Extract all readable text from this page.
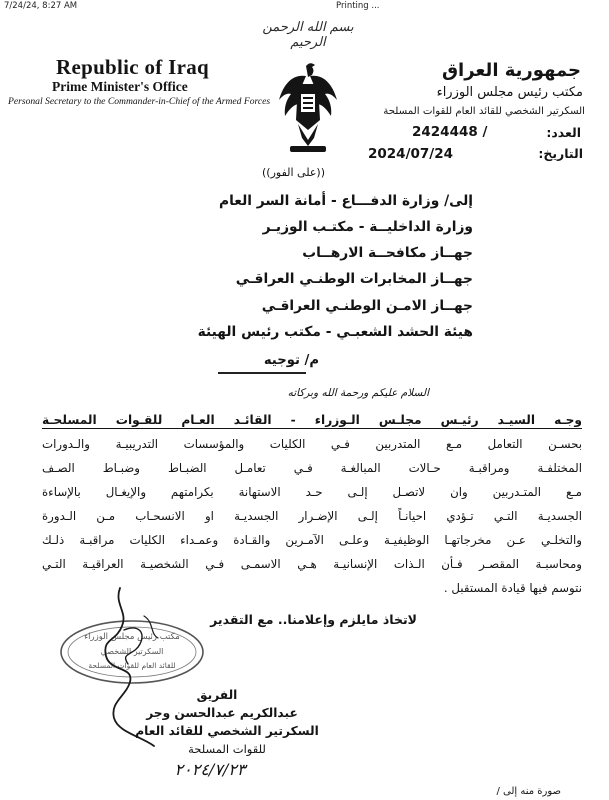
7/24/24, 8:27 AM	Printing ...
بسم الله الرحمن الرحيم
Republic of Iraq
Prime Minister's Office
Personal Secretary to the Commander-in-Chief of the Armed Forces
جمهورية العراق
مكتب رئيس مجلس الوزراء
السكرتير الشخصي للقائد العام للقوات المسلحة
العدد:
2424448 /
التاريخ:
2024/07/24
((على الفور))
إلى/ وزارة الدفـــاع - أمانة السر العام
وزارة الداخليــة - مكتـب الوزيـر
جهــاز مكافحــة الارهــاب
جهــاز المخابرات الوطنـي العراقـي
جهــاز الامـن الوطنـي العراقـي
هيئة الحشد الشعبـي - مكتب رئيس الهيئة
م/ توجيه
السلام عليكم ورحمة الله وبركاته
وجـه السيـد رئيـس مجلـس الـوزراء - القائـد العـام للقـوات المسلحـة
بحسـن التعامل مـع المتدربين فـي الكليات والمؤسسات التدريبيـة والـدورات
المختلفـة ومراقبـة حـالات المبالغـة فـي تعامـل الضبـاط وضبـاط الصـف
مـع المتـدربين وان لاتصـل إلـى حـد الاستهانة بكرامتهم والإيغـال بالإساءة
الجسديـة التـي تـؤدي احيانـاً إلـى الإضـرار الجسديـة او الانسحـاب مـن الـدورة
والتخلـي عـن مخرجاتهـا الوظيفيـة وعلـى الآمـرين والقـادة وعمـداء الكليات مراقبـة ذلـك
ومحاسبـة المقصـر فـأن الـذات الإنسانيـة هـي الاسمـى فـي الشخصيـة العراقيـة التـي
نتوسم فيها قيادة المستقبل .
لاتخاذ مايلزم وإعلامنا.. مع التقدير
مكتب رئيس مجلس الوزراء
السكرتير الشخصي
للقائد العام للقوات المسلحة
الفريق
عبدالكريم عبدالحسن وجر
السكرتير الشخصي للقائد العام
للقوات المسلحة
٢٠٢٤/٧/٢٣
صورة منه إلى /
